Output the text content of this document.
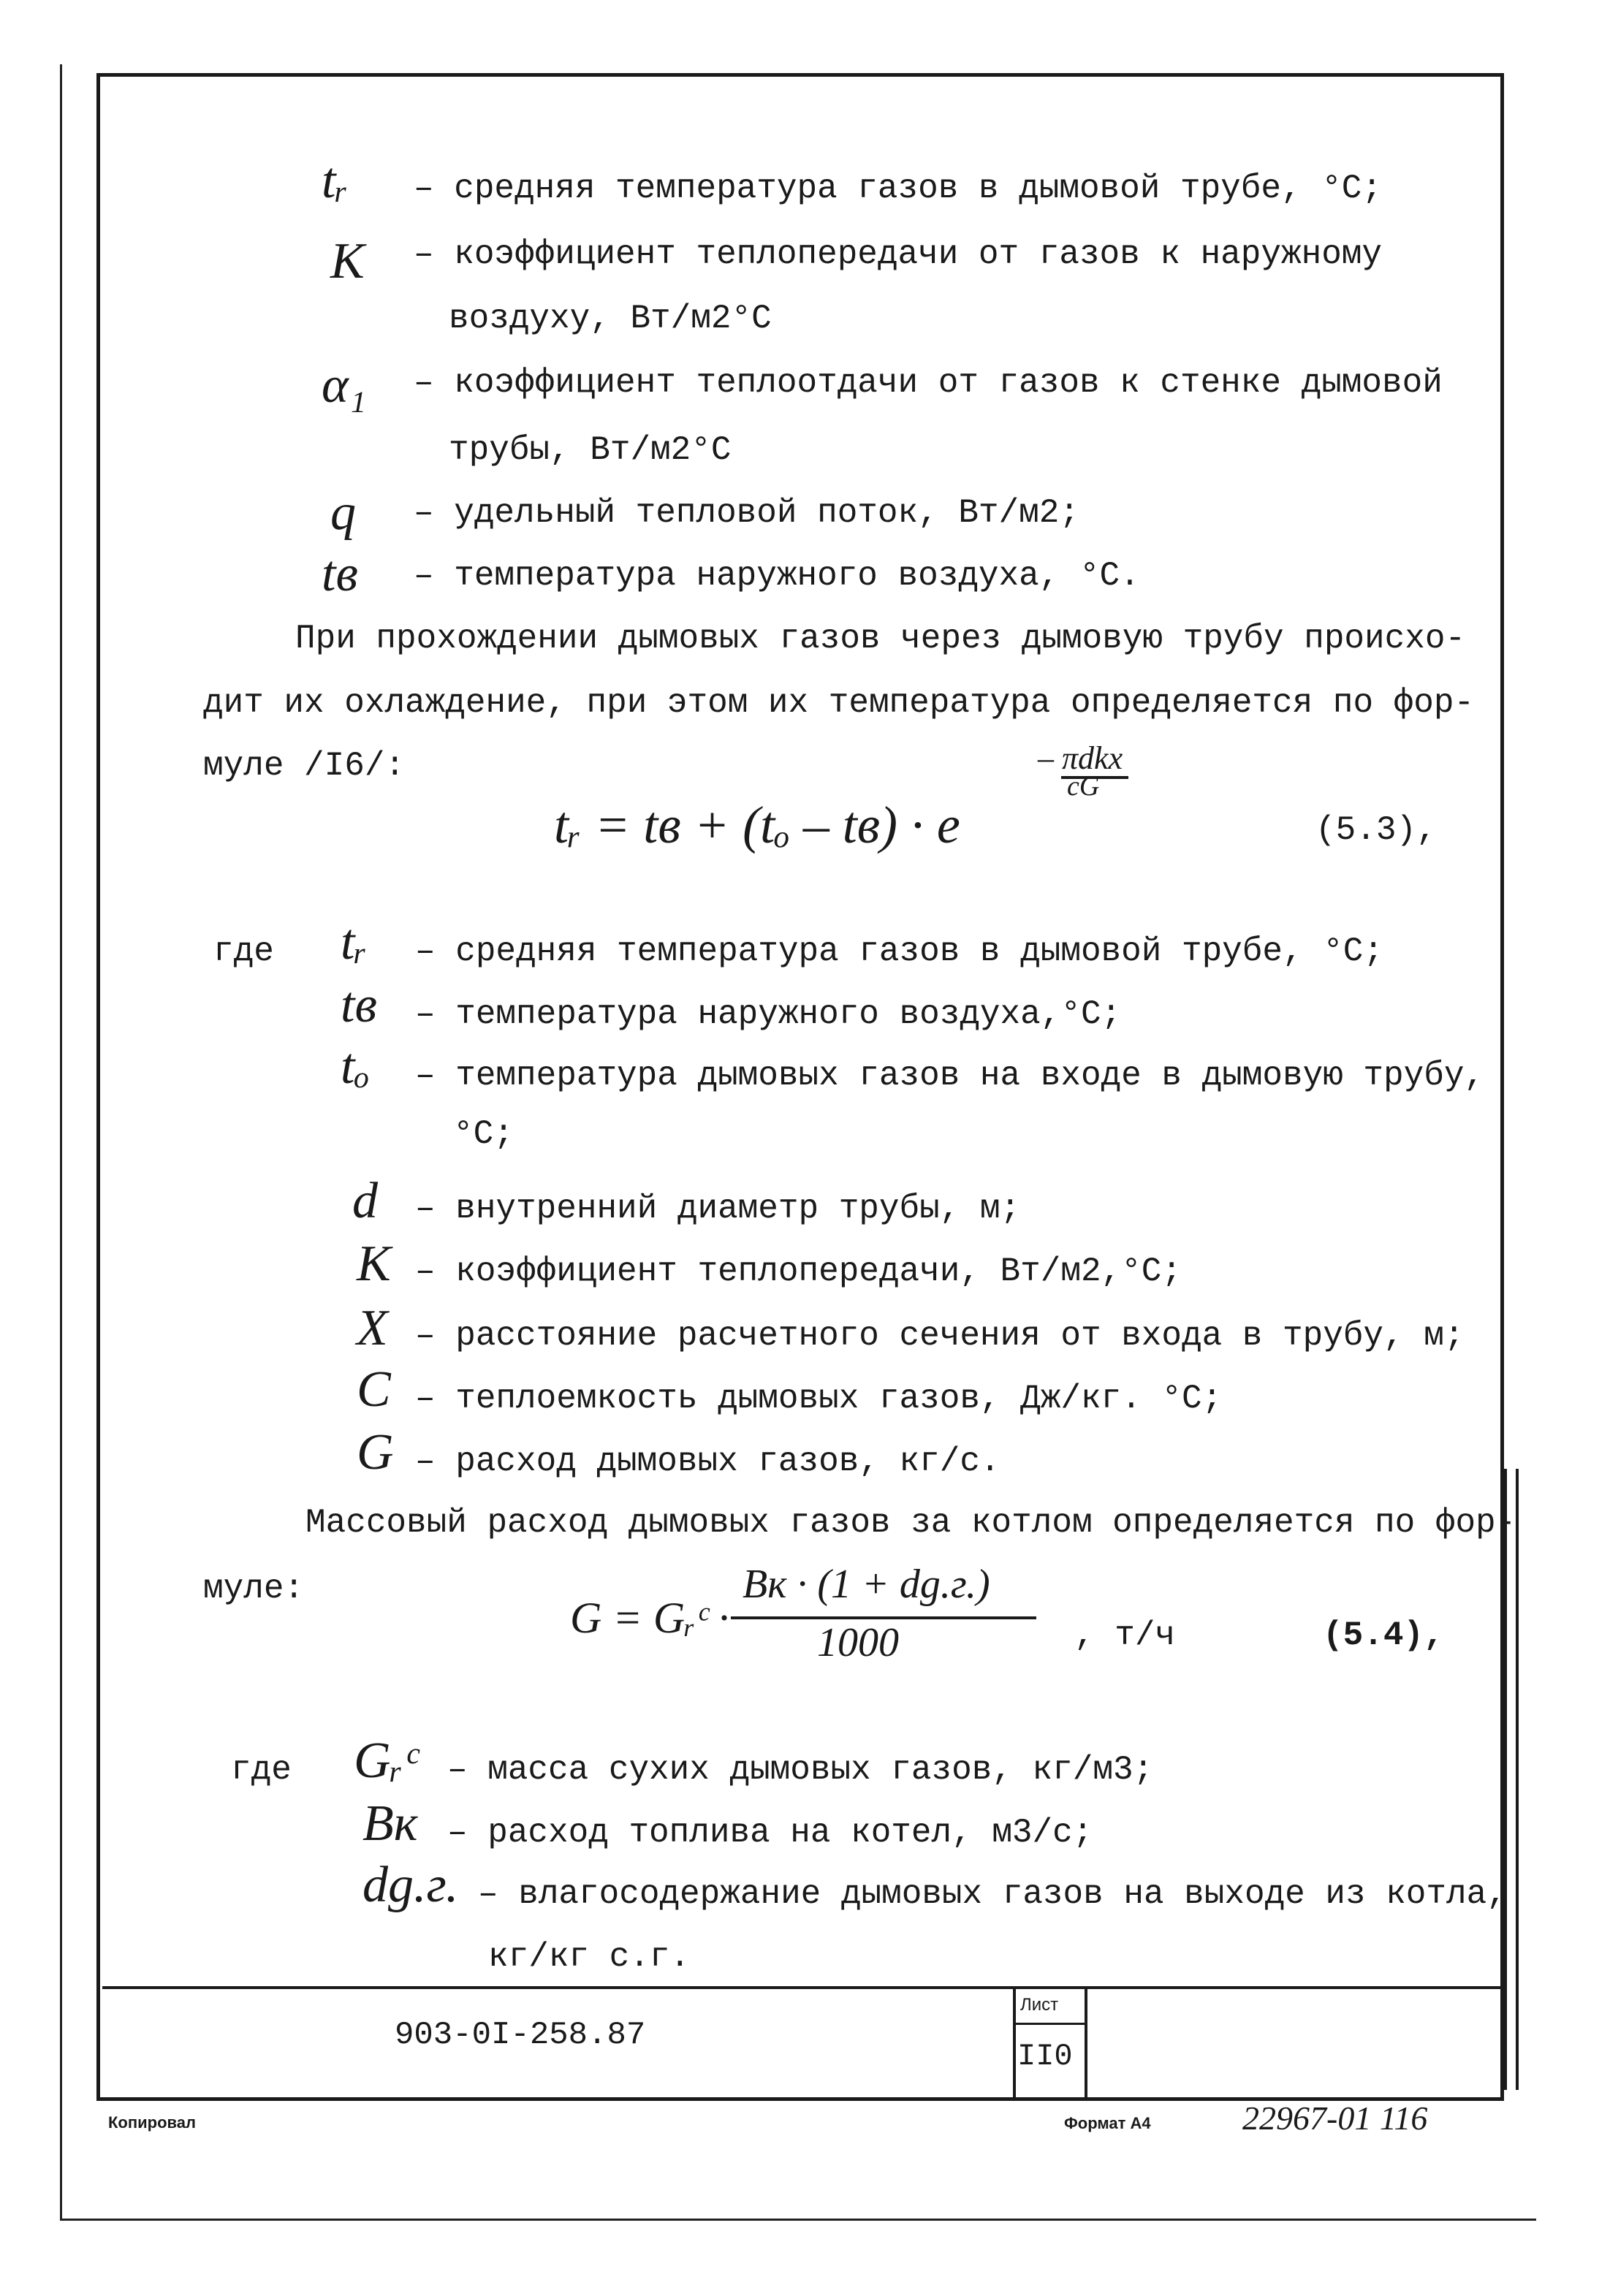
tᵣ – средняя температура газов в дымовой трубе, °С;
К – коэффициент теплопередачи от газов к наружному
воздуху, Вт/м2°С
α₁ – коэффициент теплоотдачи от газов к стенке дымовой
трубы, Вт/м2°С
q – удельный тепловой поток, Вт/м2;
tв – температура наружного воздуха, °С.
При прохождении дымовых газов через дымовую трубу происхо-
дит их охлаждение, при этом их температура определяется по фор-
муле /I6/:
tᵣ = tв + (tₒ – tв) · e
– πdkx
cG
(5.3),
где tᵣ – средняя температура газов в дымовой трубе, °С;
tв – температура наружного воздуха,°С;
tₒ – температура дымовых газов на входе в дымовую трубу,
°С;
d – внутренний диаметр трубы, м;
К – коэффициент теплопередачи, Вт/м2,°С;
Х – расстояние расчетного сечения от входа в трубу, м;
С – теплоемкость дымовых газов, Дж/кг. °С;
G – расход дымовых газов, кг/с.
Массовый расход дымовых газов за котлом определяется по фор-
муле:
G = Gᵣᶜ ·
Bк · (1 + dg.г.)
1000	, т/ч	(5.4),
где Gᵣᶜ – масса сухих дымовых газов, кг/м3;
Bк – расход топлива на котел, м3/с;
dg.г. – влагосодержание дымовых газов на выходе из котла,
кг/кг с.г.
903-0I-258.87
Лист
II0
Копировал	Формат А4	22967-01 116
